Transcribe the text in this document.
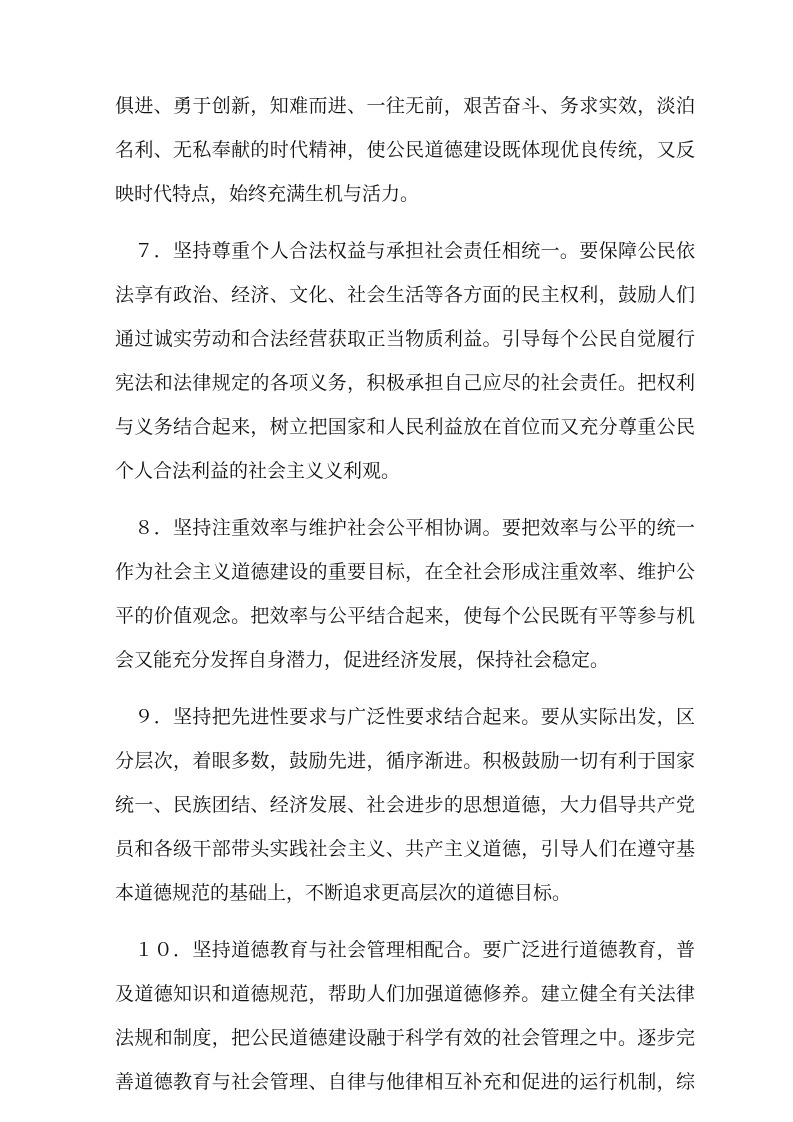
俱进、勇于创新，知难而进、一往无前，艰苦奋斗、务求实效，淡泊
名利、无私奉献的时代精神，使公民道德建设既体现优良传统，又反
映时代特点，始终充满生机与活力。
　７．坚持尊重个人合法权益与承担社会责任相统一。要保障公民依
法享有政治、经济、文化、社会生活等各方面的民主权利，鼓励人们
通过诚实劳动和合法经营获取正当物质利益。引导每个公民自觉履行
宪法和法律规定的各项义务，积极承担自己应尽的社会责任。把权利
与义务结合起来，树立把国家和人民利益放在首位而又充分尊重公民
个人合法利益的社会主义义利观。
　８．坚持注重效率与维护社会公平相协调。要把效率与公平的统一
作为社会主义道德建设的重要目标，在全社会形成注重效率、维护公
平的价值观念。把效率与公平结合起来，使每个公民既有平等参与机
会又能充分发挥自身潜力，促进经济发展，保持社会稳定。
　９．坚持把先进性要求与广泛性要求结合起来。要从实际出发，区
分层次，着眼多数，鼓励先进，循序渐进。积极鼓励一切有利于国家
统一、民族团结、经济发展、社会进步的思想道德，大力倡导共产党
员和各级干部带头实践社会主义、共产主义道德，引导人们在遵守基
本道德规范的基础上，不断追求更高层次的道德目标。
　１０．坚持道德教育与社会管理相配合。要广泛进行道德教育，普
及道德知识和道德规范，帮助人们加强道德修养。建立健全有关法律
法规和制度，把公民道德建设融于科学有效的社会管理之中。逐步完
善道德教育与社会管理、自律与他律相互补充和促进的运行机制，综
